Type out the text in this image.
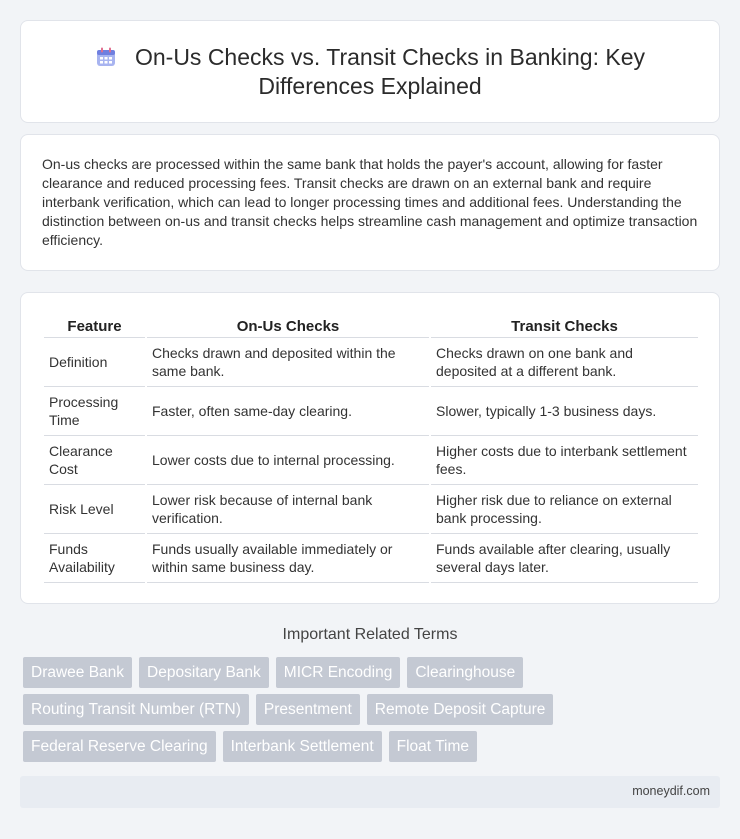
On-Us Checks vs. Transit Checks in Banking: Key Differences Explained

On-us checks are processed within the same bank that holds the payer's account, allowing for faster clearance and reduced processing fees. Transit checks are drawn on an external bank and require interbank verification, which can lead to longer processing times and additional fees. Understanding the distinction between on-us and transit checks helps streamline cash management and optimize transaction efficiency.

Feature	On-Us Checks	Transit Checks
Definition	Checks drawn and deposited within the same bank.	Checks drawn on one bank and deposited at a different bank.
Processing Time	Faster, often same-day clearing.	Slower, typically 1-3 business days.
Clearance Cost	Lower costs due to internal processing.	Higher costs due to interbank settlement fees.
Risk Level	Lower risk because of internal bank verification.	Higher risk due to reliance on external bank processing.
Funds Availability	Funds usually available immediately or within same business day.	Funds available after clearing, usually several days later.
Important Related Terms
Drawee Bank	Depositary Bank	MICR Encoding	Clearinghouse
Routing Transit Number (RTN)	Presentment	Remote Deposit Capture
Federal Reserve Clearing	Interbank Settlement	Float Time
moneydif.com
